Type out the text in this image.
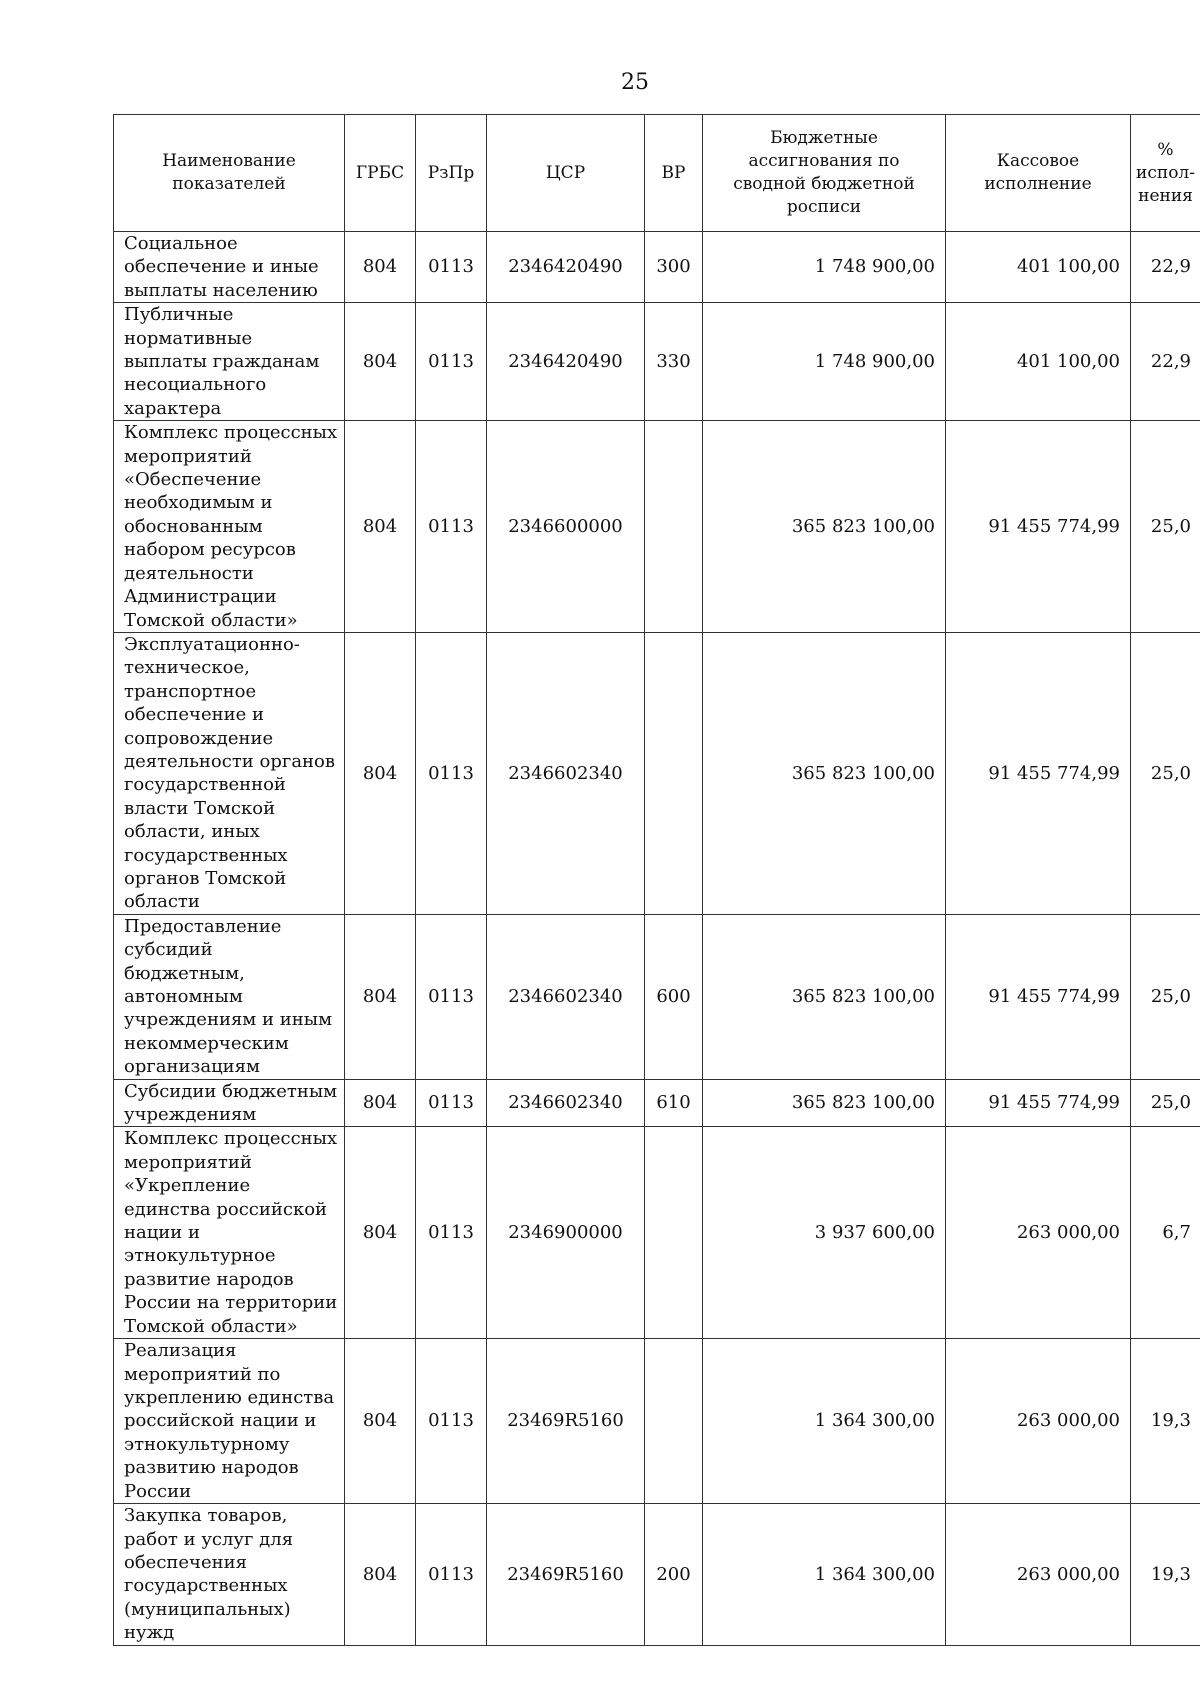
25
Наименование показателей	ГРБС	РзПр	ЦСР	ВР	Бюджетные ассигнования по сводной бюджетной росписи	Кассовое исполнение	% испол-нения
Социальное обеспечение и иные выплаты населению	804	0113	2346420490	300	1 748 900,00	401 100,00	22,9
Публичные нормативные выплаты гражданам несоциального характера	804	0113	2346420490	330	1 748 900,00	401 100,00	22,9
Комплекс процессных мероприятий «Обеспечение необходимым и обоснованным набором ресурсов деятельности Администрации Томской области»	804	0113	2346600000		365 823 100,00	91 455 774,99	25,0
Эксплуатационно-техническое, транспортное обеспечение и сопровождение деятельности органов государственной власти Томской области, иных государственных органов Томской области	804	0113	2346602340		365 823 100,00	91 455 774,99	25,0
Предоставление субсидий бюджетным, автономным учреждениям и иным некоммерческим организациям	804	0113	2346602340	600	365 823 100,00	91 455 774,99	25,0
Субсидии бюджетным учреждениям	804	0113	2346602340	610	365 823 100,00	91 455 774,99	25,0
Комплекс процессных мероприятий «Укрепление единства российской нации и этнокультурное развитие народов России на территории Томской области»	804	0113	2346900000		3 937 600,00	263 000,00	6,7
Реализация мероприятий по укреплению единства российской нации и этнокультурному развитию народов России	804	0113	23469R5160		1 364 300,00	263 000,00	19,3
Закупка товаров, работ и услуг для обеспечения государственных (муниципальных) нужд	804	0113	23469R5160	200	1 364 300,00	263 000,00	19,3
